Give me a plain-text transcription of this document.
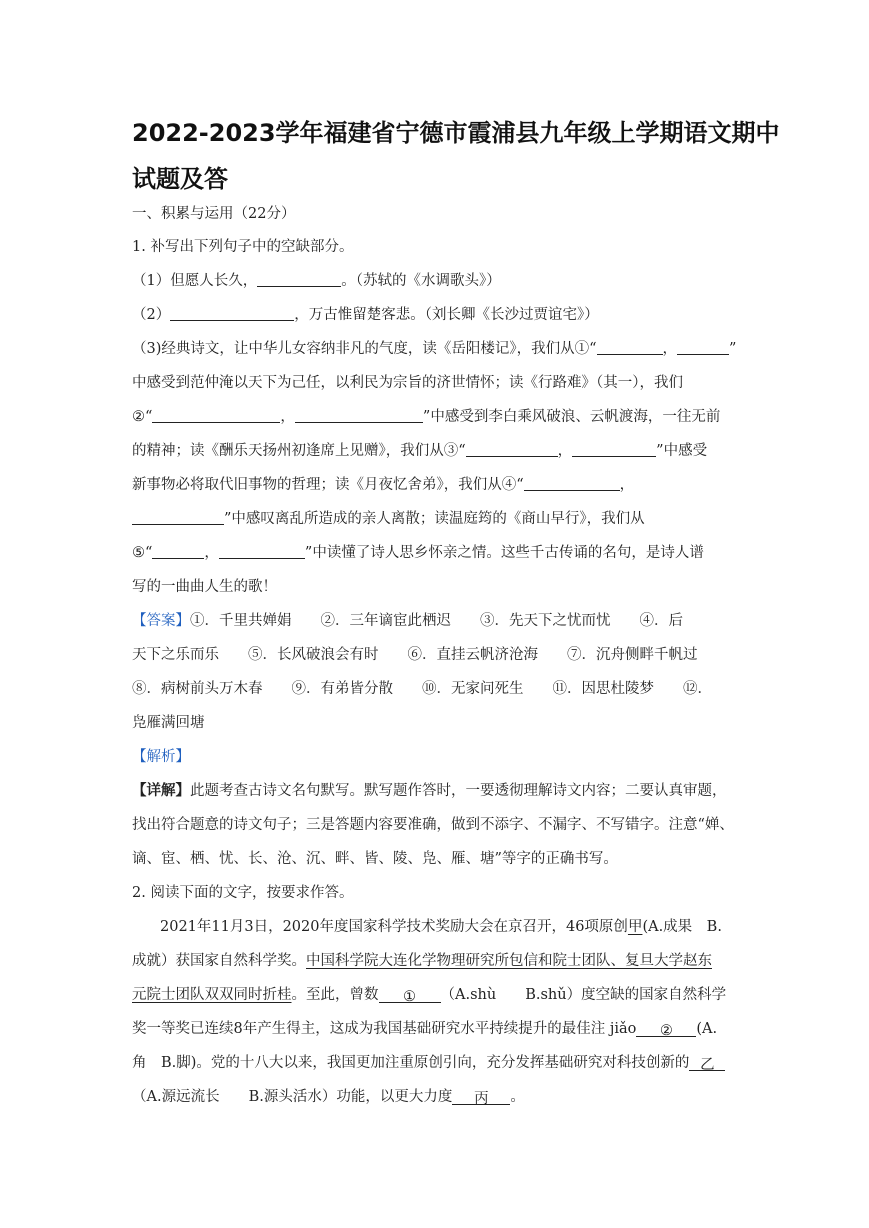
2022-2023学年福建省宁德市霞浦县九年级上学期语文期中
试题及答
一、积累与运用（22分）
1. 补写出下列句子中的空缺部分。
（1）但愿人长久，	。（苏轼的《水调歌头》）
（2）	，万古惟留楚客悲。（刘长卿《长沙过贾谊宅》）
（3)经典诗文，让中华儿女容纳非凡的气度，读《岳阳楼记》，我们从①“	，	”
中感受到范仲淹以天下为己任，以利民为宗旨的济世情怀；读《行路难》（其一），我们
②“	，	”中感受到李白乘风破浪、云帆渡海，一往无前
的精神；读《酬乐天扬州初逢席上见赠》，我们从③“	，	”中感受
新事物必将取代旧事物的哲理；读《月夜忆舍弟》，我们从④“	，
”中感叹离乱所造成的亲人离散；读温庭筠的《商山早行》，我们从
⑤“	，	”中读懂了诗人思乡怀亲之情。这些千古传诵的名句，是诗人谱
写的一曲曲人生的歌！
【答案】①．千里共婵娟　　②．三年谪宦此栖迟　　③．先天下之忧而忧　　④．后
天下之乐而乐　　⑤．长风破浪会有时　　⑥．直挂云帆济沧海　　⑦．沉舟侧畔千帆过
⑧．病树前头万木春　　⑨．有弟皆分散　　⑩．无家问死生　　⑪．因思杜陵梦　　⑫．
凫雁满回塘
【解析】
【详解】此题考查古诗文名句默写。默写题作答时，一要透彻理解诗文内容；二要认真审题，
找出符合题意的诗文句子；三是答题内容要准确，做到不添字、不漏字、不写错字。注意“婵、
谪、宦、栖、忧、长、沧、沉、畔、皆、陵、凫、雁、塘”等字的正确书写。
2. 阅读下面的文字，按要求作答。
2021年11月3日，2020年度国家科学技术奖励大会在京召开，46项原创甲(A.成果　B.
成就）获国家自然科学奖。中国科学院大连化学物理研究所包信和院士团队、复旦大学赵东
元院士团队双双同时折桂。至此，曾数 ① （A.shù　　B.shǔ）度空缺的国家自然科学
奖一等奖已连续8年产生得主，这成为我国基础研究水平持续提升的最佳注 jiǎo ② (A.
角　B.脚)。党的十八大以来，我国更加注重原创引向，充分发挥基础研究对科技创新的 乙
（A.源远流长　　B.源头活水）功能，以更大力度 丙 。
